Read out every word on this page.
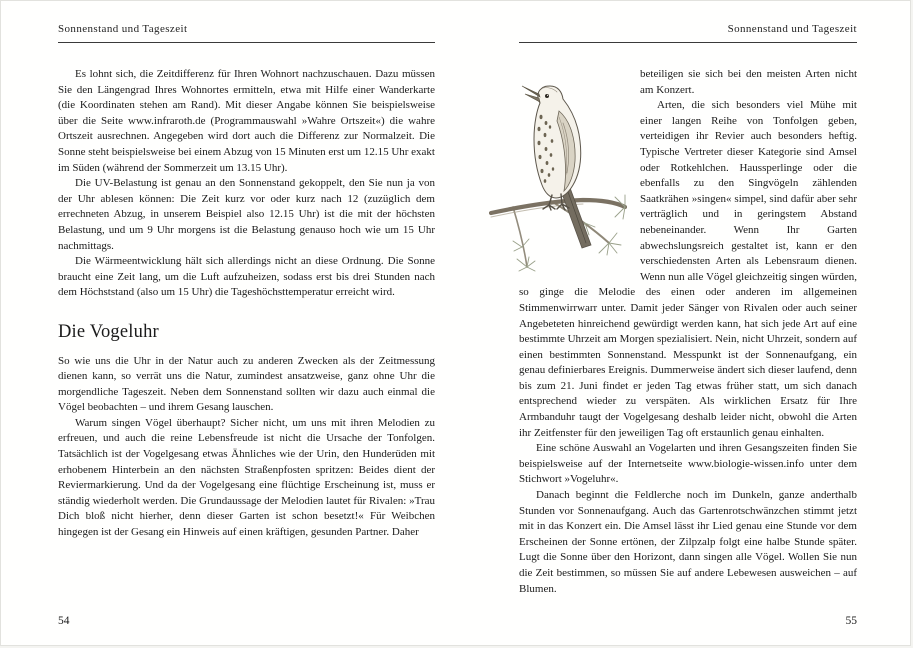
Sonnenstand und Tageszeit

Es lohnt sich, die Zeitdifferenz für Ihren Wohnort nachzuschauen. Dazu müssen Sie den Längengrad Ihres Wohnortes ermitteln, etwa mit Hilfe einer Wanderkarte (die Koordinaten stehen am Rand). Mit dieser Angabe können Sie beispielsweise über die Seite www.infraroth.de (Programmauswahl »Wahre Ortszeit«) die wahre Ortszeit ausrechnen. Angegeben wird dort auch die Differenz zur Normalzeit. Die Sonne steht beispielsweise bei einem Abzug von 15 Minuten erst um 12.15 Uhr exakt im Süden (während der Sommerzeit um 13.15 Uhr).

Die UV-Belastung ist genau an den Sonnenstand gekoppelt, den Sie nun ja von der Uhr ablesen können: Die Zeit kurz vor oder kurz nach 12 (zuzüglich dem errechneten Abzug, in unserem Beispiel also 12.15 Uhr) ist die mit der höchsten Belastung, und um 9 Uhr morgens ist die Belastung genauso hoch wie um 15 Uhr nachmittags.

Die Wärmeentwicklung hält sich allerdings nicht an diese Ordnung. Die Sonne braucht eine Zeit lang, um die Luft aufzuheizen, sodass erst bis drei Stunden nach dem Höchststand (also um 15 Uhr) die Tageshöchsttemperatur erreicht wird.

Die Vogeluhr

So wie uns die Uhr in der Natur auch zu anderen Zwecken als der Zeitmessung dienen kann, so verrät uns die Natur, zumindest ansatzweise, ganz ohne Uhr die morgendliche Tageszeit. Neben dem Sonnenstand sollten wir dazu auch einmal die Vögel beobachten – und ihrem Gesang lauschen.

Warum singen Vögel überhaupt? Sicher nicht, um uns mit ihren Melodien zu erfreuen, und auch die reine Lebensfreude ist nicht die Ursache der Tonfolgen. Tatsächlich ist der Vogelgesang etwas Ähnliches wie der Urin, den Hunderüden mit erhobenem Hinterbein an den nächsten Straßenpfosten spritzen: Beides dient der Reviermarkierung. Und da der Vogelgesang eine flüchtige Erscheinung ist, muss er ständig wiederholt werden. Die Grundaussage der Melodien lautet für Rivalen: »Trau Dich bloß nicht hierher, denn dieser Garten ist schon besetzt!« Für Weibchen hingegen ist der Gesang ein Hinweis auf einen kräftigen, gesunden Partner. Daher

54
Sonnenstand und Tageszeit

beteiligen sie sich bei den meisten Arten nicht am Konzert.

Arten, die sich besonders viel Mühe mit einer langen Reihe von Tonfolgen geben, verteidigen ihr Revier auch besonders heftig. Typische Vertreter dieser Kategorie sind Amsel oder Rotkehlchen. Haussperlinge oder die ebenfalls zu den Singvögeln zählenden Saatkrähen »singen« simpel, sind dafür aber sehr verträglich und in geringstem Abstand nebeneinander. Wenn Ihr Garten abwechslungsreich gestaltet ist, kann er den verschiedensten Arten als Lebensraum dienen. Wenn nun alle Vögel gleichzeitig singen würden, so ginge die Melodie des einen oder anderen im allgemeinen Stimmenwirrwarr unter. Damit jeder Sänger von Rivalen oder auch seiner Angebeteten hinreichend gewürdigt werden kann, hat sich jede Art auf eine bestimmte Uhrzeit am Morgen spezialisiert. Nein, nicht Uhrzeit, sondern auf einen bestimmten Sonnenstand. Messpunkt ist der Sonnenaufgang, ein genau definierbares Ereignis. Dummerweise ändert sich dieser laufend, denn bis zum 21. Juni findet er jeden Tag etwas früher statt, um sich danach entsprechend wieder zu verspäten. Als wirklichen Ersatz für Ihre Armbanduhr taugt der Vogelgesang deshalb leider nicht, obwohl die Arten ihr Zeitfenster für den jeweiligen Tag oft erstaunlich genau einhalten.

Eine schöne Auswahl an Vogelarten und ihren Gesangszeiten finden Sie beispielsweise auf der Internetseite www.biologie-wissen.info unter dem Stichwort »Vogeluhr«.

Danach beginnt die Feldlerche noch im Dunkeln, ganze anderthalb Stunden vor Sonnenaufgang. Auch das Gartenrotschwänzchen stimmt jetzt mit in das Konzert ein. Die Amsel lässt ihr Lied genau eine Stunde vor dem Erscheinen der Sonne ertönen, der Zilpzalp folgt eine halbe Stunde später. Lugt die Sonne über den Horizont, dann singen alle Vögel. Wollen Sie nun die Zeit bestimmen, so müssen Sie auf andere Lebewesen ausweichen – auf Blumen.

55
